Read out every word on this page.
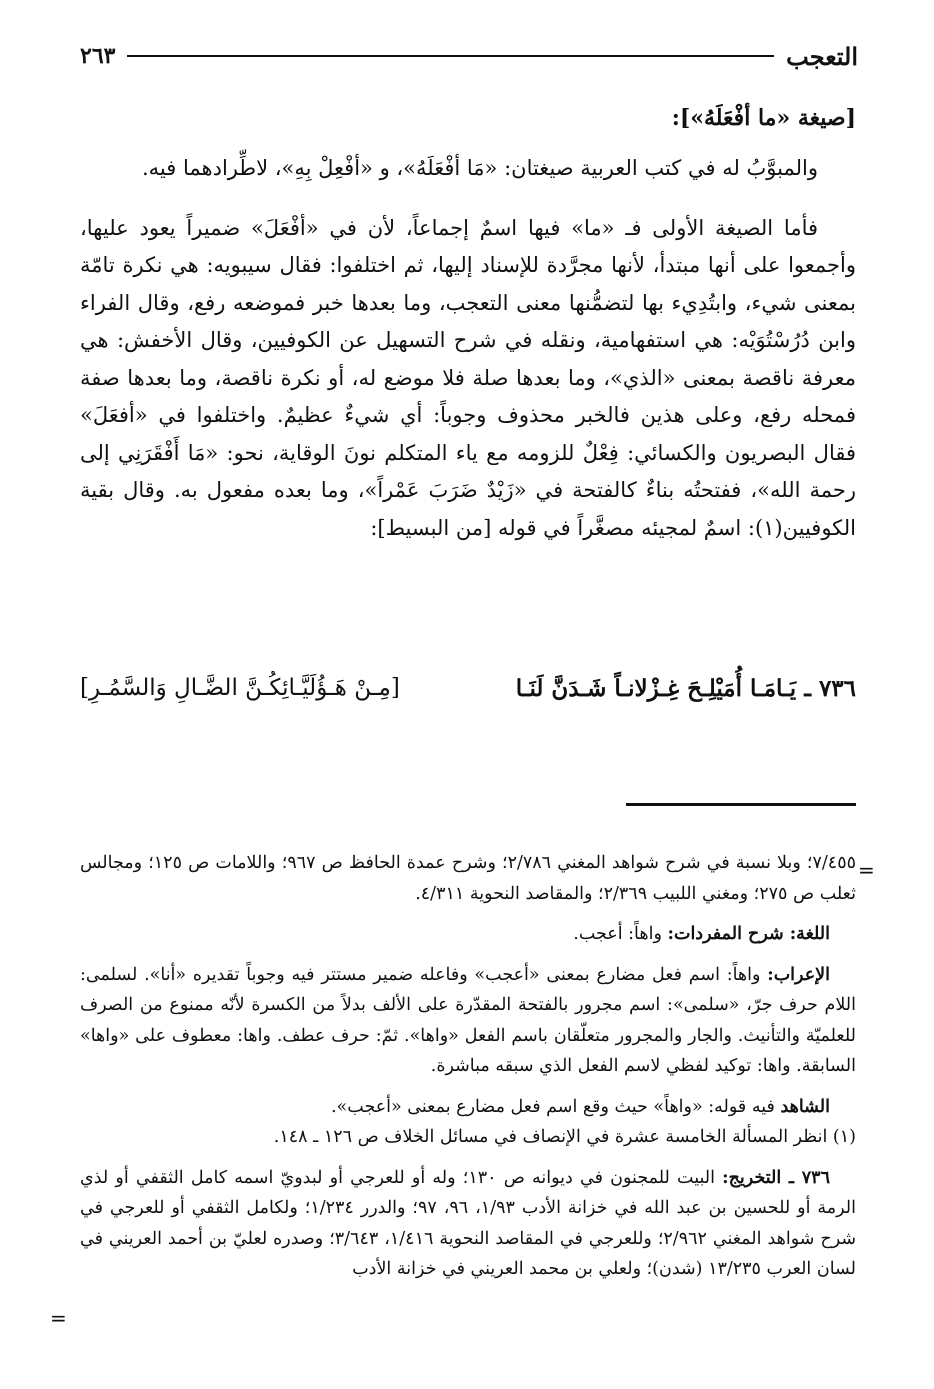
التعجب
٢٦٣
[صيغة «ما أفْعَلَهُ»]:

والمبوَّبُ له في كتب العربية صيغتان: «مَا أفْعَلَهُ»، و «أفْعِلْ بِهِ»، لاطِّرادهما فيه.

فأما الصيغة الأولى فـ «ما» فيها اسمٌ إجماعاً، لأن في «أفْعَلَ» ضميراً يعود عليها، وأجمعوا على أنها مبتدأ، لأنها مجرَّدة للإسناد إليها، ثم اختلفوا: فقال سيبويه: هي نكرة تامّة بمعنى شيء، وابتُدِيء بها لتضمُّنها معنى التعجب، وما بعدها خبر فموضعه رفع، وقال الفراء وابن دُرُسْتُوَيْه: هي استفهامية، ونقله في شرح التسهيل عن الكوفيين، وقال الأخفش: هي معرفة ناقصة بمعنى «الذي»، وما بعدها صلة فلا موضع له، أو نكرة ناقصة، وما بعدها صفة فمحله رفع، وعلى هذين فالخبر محذوف وجوباً: أي شيءٌ عظيمٌ. واختلفوا في «أفعَلَ» فقال البصريون والكسائي: فِعْلٌ للزومه مع ياء المتكلم نونَ الوقاية، نحو: «مَا أَفْقَرَنِي إلى رحمة الله»، ففتحتُه بناءٌ كالفتحة في «زَيْدٌ ضَرَبَ عَمْراً»، وما بعده مفعول به. وقال بقية الكوفيين(١): اسمٌ لمجيئه مصغَّراً في قوله [من البسيط]:

٧٣٦ ـ يَـامَـا أُمَيْلِـحَ غِـزْلانـاً شَـدَنَّ لَنَـا
[مِـنْ هَـؤُلَيَّـائِكُـنَّ الضَّـالِ وَالسَّمُـرِ]
=

٧/٤٥٥؛ وبلا نسبة في شرح شواهد المغني ٢/٧٨٦؛ وشرح عمدة الحافظ ص ٩٦٧؛ واللامات ص ١٢٥؛ ومجالس ثعلب ص ٢٧٥؛ ومغني اللبيب ٢/٣٦٩؛ والمقاصد النحوية ٤/٣١١.

اللغة: شرح المفردات: واهاً: أعجب.

الإعراب: واهاً: اسم فعل مضارع بمعنى «أعجب» وفاعله ضمير مستتر فيه وجوباً تقديره «أنا». لسلمى: اللام حرف جرّ، «سلمى»: اسم مجرور بالفتحة المقدّرة على الألف بدلاً من الكسرة لأنّه ممنوع من الصرف للعلميّة والتأنيث. والجار والمجرور متعلّقان باسم الفعل «واها». ثمّ: حرف عطف. واها: معطوف على «واها» السابقة. واها: توكيد لفظي لاسم الفعل الذي سبقه مباشرة.

الشاهد فيه قوله: «واهاً» حيث وقع اسم فعل مضارع بمعنى «أعجب».

(١) انظر المسألة الخامسة عشرة في الإنصاف في مسائل الخلاف ص ١٢٦ ـ ١٤٨.

٧٣٦ ـ التخريج: البيت للمجنون في ديوانه ص ١٣٠؛ وله أو للعرجي أو لبدويّ اسمه كامل الثقفي أو لذي الرمة أو للحسين بن عبد الله في خزانة الأدب ١/٩٣، ٩٦، ٩٧؛ والدرر ١/٢٣٤؛ ولكامل الثقفي أو للعرجي في شرح شواهد المغني ٢/٩٦٢؛ وللعرجي في المقاصد النحوية ١/٤١٦، ٣/٦٤٣؛ وصدره لعليّ بن أحمد العريني في لسان العرب ١٣/٢٣٥ (شدن)؛ ولعلي بن محمد العريني في خزانة الأدب

=
